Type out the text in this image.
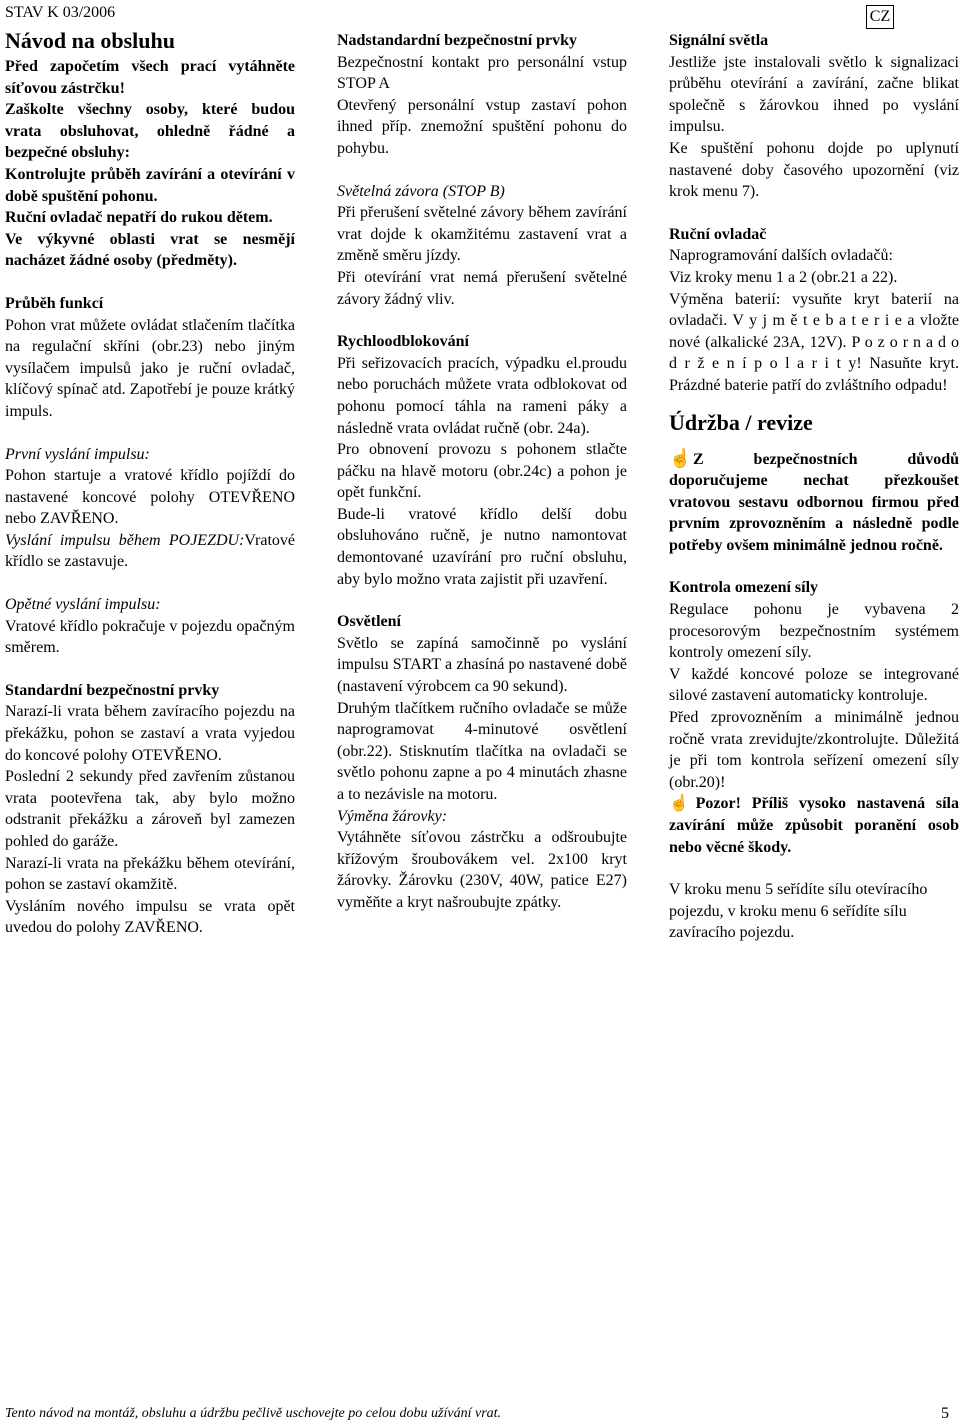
CZ
STAV K 03/2006
Návod na obsluhu

Před započetím všech prací vytáhněte síťovou zástrčku!

Zaškolte všechny osoby, které budou vrata obsluhovat, ohledně řádné a bezpečné obsluhy:

Kontrolujte průběh zavírání a otevírání v době spuštění pohonu.

Ruční ovladač nepatří do rukou dětem.

Ve výkyvné oblasti vrat se nesmějí nacházet žádné osoby (předměty).

Průběh funkcí

Pohon vrat můžete ovládat stlačením tlačítka na regulační skříni (obr.23) nebo jiným vysílačem impulsů jako je ruční ovladač, klíčový spínač atd. Zapotřebí je pouze krátký impuls.

První vyslání impulsu:

Pohon startuje a vratové křídlo pojíždí do nastavené koncové polohy OTEVŘENO nebo ZAVŘENO.

Vyslání impulsu během POJEZDU:Vratové křídlo se zastavuje.

Opětné vyslání impulsu:

Vratové křídlo pokračuje v pojezdu opačným směrem.

Standardní bezpečnostní prvky

Narazí-li vrata během zavíracího pojezdu na překážku, pohon se zastaví a vrata vyjedou do koncové polohy OTEVŘENO.

Poslední 2 sekundy před zavřením zůstanou vrata pootevřena tak, aby bylo možno odstranit překážku a zároveň byl zamezen pohled do garáže.

Narazí-li vrata na překážku během otevírání, pohon se zastaví okamžitě.

Vysláním nového impulsu se vrata opět uvedou do polohy ZAVŘENO.

Nadstandardní bezpečnostní prvky

Bezpečnostní kontakt pro personální vstup STOP A

Otevřený personální vstup zastaví pohon ihned příp. znemožní spuštění pohonu do pohybu.

Světelná závora (STOP B)

Při přerušení světelné závory během zavírání vrat dojde k okamžitému zastavení vrat a změně směru jízdy.

Při otevírání vrat nemá přerušení světelné závory žádný vliv.

Rychloodblokování

Při seřizovacích pracích, výpadku el.proudu nebo poruchách můžete vrata odblokovat od pohonu pomocí táhla na rameni páky a následně vrata ovládat ručně (obr. 24a).

Pro obnovení provozu s pohonem stlačte páčku na hlavě motoru (obr.24c) a pohon je opět funkční.

Bude-li vratové křídlo delší dobu obsluhováno ručně, je nutno namontovat demontované uzavírání pro ruční obsluhu, aby bylo možno vrata zajistit při uzavření.

Osvětlení

Světlo se zapíná samočinně po vyslání impulsu START a zhasíná po nastavené době (nastavení výrobcem ca 90 sekund).

Druhým tlačítkem ručního ovladače se může naprogramovat 4-minutové osvětlení (obr.22). Stisknutím tlačítka na ovladači se světlo pohonu zapne a po 4 minutách zhasne a to nezávisle na motoru.

Výměna žárovky:

Vytáhněte síťovou zástrčku a odšroubujte křížovým šroubovákem vel. 2x100 kryt žárovky. Žárovku (230V, 40W, patice E27) vyměňte a kryt našroubujte zpátky.

Signální světla

Jestliže jste instalovali světlo k signalizaci průběhu otevírání a zavírání, začne blikat společně s žárovkou ihned po vyslání impulsu.

Ke spuštění pohonu dojde po uplynutí nastavené doby časového upozornění (viz krok menu 7).

Ruční ovladač

Naprogramování dalších ovladačů:

Viz kroky menu 1 a 2 (obr.21 a 22).

Výměna baterií: vysuňte kryt baterií na ovladači. V y j m ě t e b a t e r i e a vložte nové (alkalické 23A, 12V). P o z o r n a d o d r ž e n í p o l a r i t y! Nasuňte kryt. Prázdné baterie patří do zvláštního odpadu!

Údržba / revize

☝Z bezpečnostních důvodů doporučujeme nechat přezkoušet vratovou sestavu odbornou firmou před prvním zprovozněním a následně podle potřeby ovšem minimálně jednou ročně.

Kontrola omezení síly

Regulace pohonu je vybavena 2 procesorovým bezpečnostním systémem kontroly omezení síly.

V každé koncové poloze se integrované silové zastavení automaticky kontroluje.

Před zprovozněním a minimálně jednou ročně vrata zrevidujte/zkontrolujte. Důležitá je při tom kontrola seřízení omezení síly (obr.20)!

☝Pozor! Příliš vysoko nastavená síla zavírání může způsobit poranění osob nebo věcné škody.

V kroku menu 5 seřídíte sílu otevíracího pojezdu, v kroku menu 6 seřídíte sílu zavíracího pojezdu.

Tento návod na montáž, obsluhu a údržbu pečlivě uschovejte po celou dobu užívání vrat.	5
